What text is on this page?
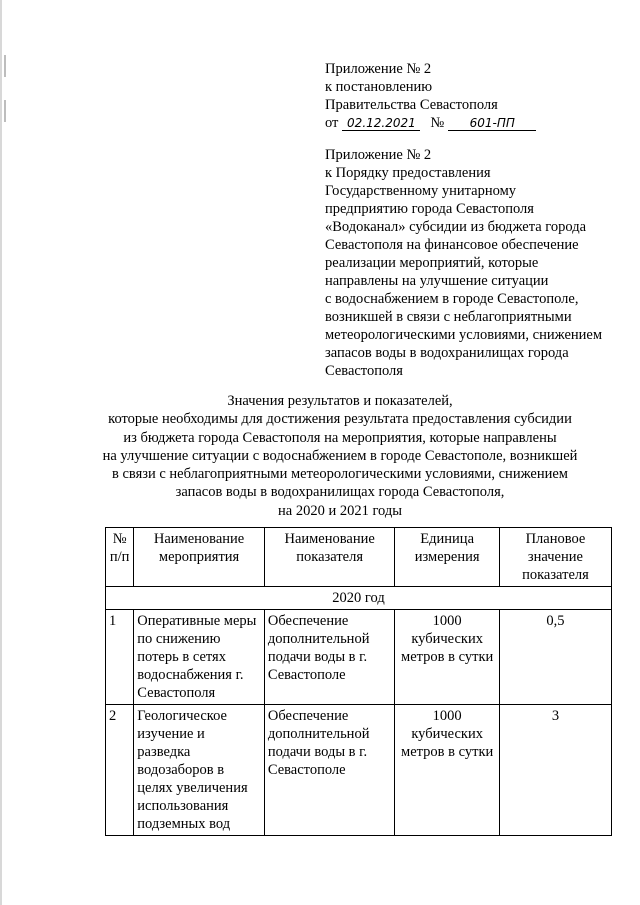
Приложение № 2
к постановлению
Правительства Севастополя
от 02.12.2021 № 601-ПП
Приложение № 2
к Порядку предоставления
Государственному унитарному
предприятию города Севастополя
«Водоканал» субсидии из бюджета города
Севастополя на финансовое обеспечение
реализации мероприятий, которые
направлены на улучшение ситуации
с водоснабжением в городе Севастополе,
возникшей в связи с неблагоприятными
метеорологическими условиями, снижением
запасов воды в водохранилищах города
Севастополя
Значения результатов и показателей,
которые необходимы для достижения результата предоставления субсидии
из бюджета города Севастополя на мероприятия, которые направлены
на улучшение ситуации с водоснабжением в городе Севастополе, возникшей
в связи с неблагоприятными метеорологическими условиями, снижением
запасов воды в водохранилищах города Севастополя,
на 2020 и 2021 годы
№ п/п	Наименование мероприятия	Наименование показателя	Единица измерения	Плановое значение показателя
2020 год				
1	Оперативные меры по снижению потерь в сетях водоснабжения г. Севастополя	Обеспечение дополнительной подачи воды в г. Севастополе	1000 кубических метров в сутки	0,5
2	Геологическое изучение и разведка водозаборов в целях увеличения использования подземных вод	Обеспечение дополнительной подачи воды в г. Севастополе	1000 кубических метров в сутки	3
